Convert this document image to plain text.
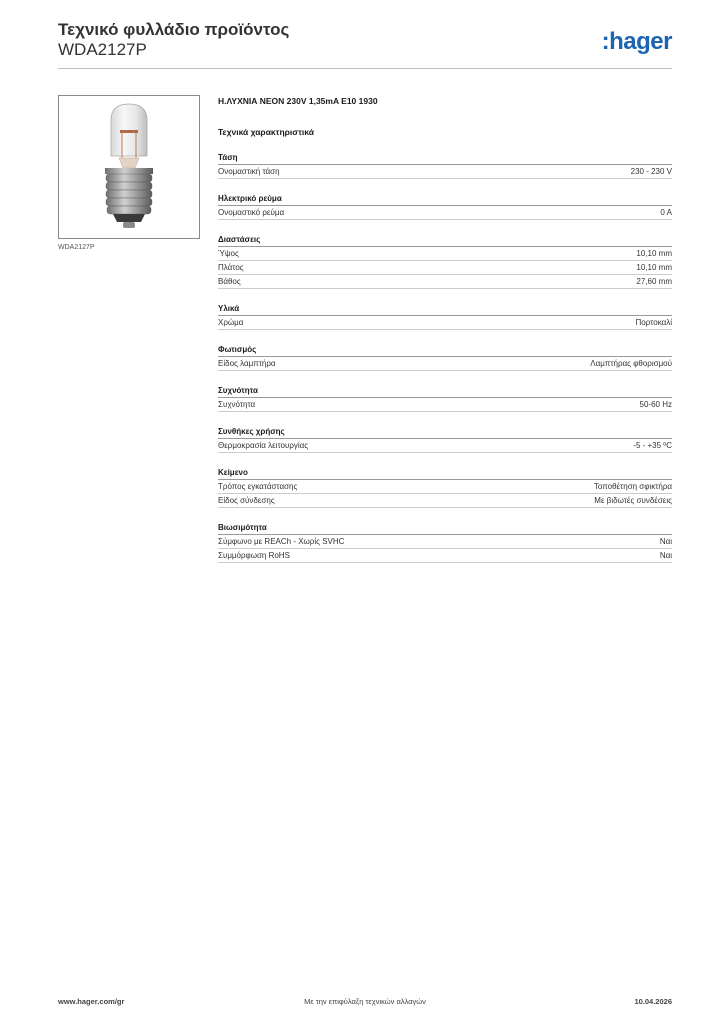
Τεχνικό φυλλάδιο προϊόντος
WDA2127P	:hager
WDA2127P
Η.ΛΥΧΝΙΑ NEON 230V 1,35mA E10 1930
Τεχνικά χαρακτηριστικά
Τάση
Ονομαστική τάση	230 - 230 V
Ηλεκτρικό ρεύμα
Ονομαστικό ρεύμα	0 A
Διαστάσεις
Ύψος	10,10 mm
Πλάτος	10,10 mm
Βάθος	27,60 mm
Υλικά
Χρώμα	Πορτοκαλί
Φωτισμός
Είδος λαμπτήρα	Λαμπτήρας φθορισμού
Συχνότητα
Συχνότητα	50-60 Hz
Συνθήκες χρήσης
Θερμοκρασία λειτουργίας	-5 - +35 ºC
Κείμενο
Τρόπος εγκατάστασης	Τοποθέτηση σφικτήρα
Είδος σύνδεσης	Με βιδωτές συνδέσεις
Βιωσιμότητα
Σύμφωνο με REACh - Χωρίς SVHC	Ναι
Συμμόρφωση RoHS	Ναι
www.hager.com/gr	Με την επιφύλαξη τεχνικών αλλαγών	10.04.2026
